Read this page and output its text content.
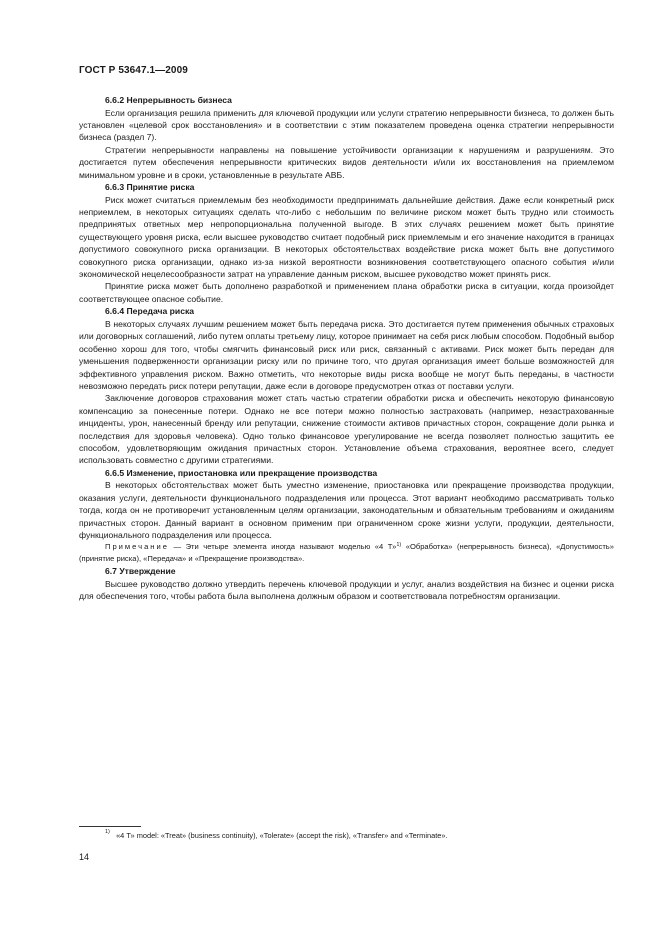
ГОСТ Р 53647.1—2009
6.6.2 Непрерывность бизнеса

Если организация решила применить для ключевой продукции или услуги стратегию непрерывности бизнеса, то должен быть установлен «целевой срок восстановления» и в соответствии с этим показателем проведена оценка стратегии непрерывности бизнеса (раздел 7).

Стратегии непрерывности направлены на повышение устойчивости организации к нарушениям и разрушениям. Это достигается путем обеспечения непрерывности критических видов деятельности и/или их восстановления на приемлемом минимальном уровне и в сроки, установленные в результате АВБ.

6.6.3 Принятие риска

Риск может считаться приемлемым без необходимости предпринимать дальнейшие действия. Даже если конкретный риск неприемлем, в некоторых ситуациях сделать что-либо с небольшим по величине риском может быть трудно или стоимость предпринятых ответных мер непропорциональна полученной выгоде. В этих случаях решением может быть принятие существующего уровня риска, если высшее руководство считает подобный риск приемлемым и его значение находится в границах допустимого совокупного риска организации. В некоторых обстоятельствах воздействие риска может быть вне допустимого совокупного риска организации, однако из-за низкой вероятности возникновения соответствующего опасного события и/или экономической нецелесообразности затрат на управление данным риском, высшее руководство может принять риск.

Принятие риска может быть дополнено разработкой и применением плана обработки риска в ситуации, когда произойдет соответствующее опасное событие.

6.6.4 Передача риска

В некоторых случаях лучшим решением может быть передача риска. Это достигается путем применения обычных страховых или договорных соглашений, либо путем оплаты третьему лицу, которое принимает на себя риск любым способом. Подобный выбор особенно хорош для того, чтобы смягчить финансовый риск или риск, связанный с активами. Риск может быть передан для уменьшения подверженности организации риску или по причине того, что другая организация имеет больше возможностей для эффективного управления риском. Важно отметить, что некоторые виды риска вообще не могут быть переданы, в частности невозможно передать риск потери репутации, даже если в договоре предусмотрен отказ от поставки услуги.

Заключение договоров страхования может стать частью стратегии обработки риска и обеспечить некоторую финансовую компенсацию за понесенные потери. Однако не все потери можно полностью застраховать (например, незастрахованные инциденты, урон, нанесенный бренду или репутации, снижение стоимости активов причастных сторон, сокращение доли рынка и последствия для здоровья человека). Одно только финансовое урегулирование не всегда позволяет полностью защитить ее способом, удовлетворяющим ожидания причастных сторон. Установление объема страхования, вероятнее всего, следует использовать совместно с другими стратегиями.

6.6.5 Изменение, приостановка или прекращение производства

В некоторых обстоятельствах может быть уместно изменение, приостановка или прекращение производства продукции, оказания услуги, деятельности функционального подразделения или процесса. Этот вариант необходимо рассматривать только тогда, когда он не противоречит установленным целям организации, законодательным и обязательным требованиям и ожиданиям причастных сторон. Данный вариант в основном применим при ограниченном сроке жизни услуги, продукции, деятельности, функционального подразделения или процесса.

Примечание — Эти четыре элемента иногда называют моделью «4 Т»$^{1)}$ «Обработка» (непрерывность бизнеса), «Допустимость» (принятие риска), «Передача» и «Прекращение производства».

6.7 Утверждение

Высшее руководство должно утвердить перечень ключевой продукции и услуг, анализ воздействия на бизнес и оценки риска для обеспечения того, чтобы работа была выполнена должным образом и соответствовала потребностям организации.

$^{1)}$ «4 Т» model: «Treat» (business continuity), «Tolerate» (accept the risk), «Transfer» and «Terminate».
14
